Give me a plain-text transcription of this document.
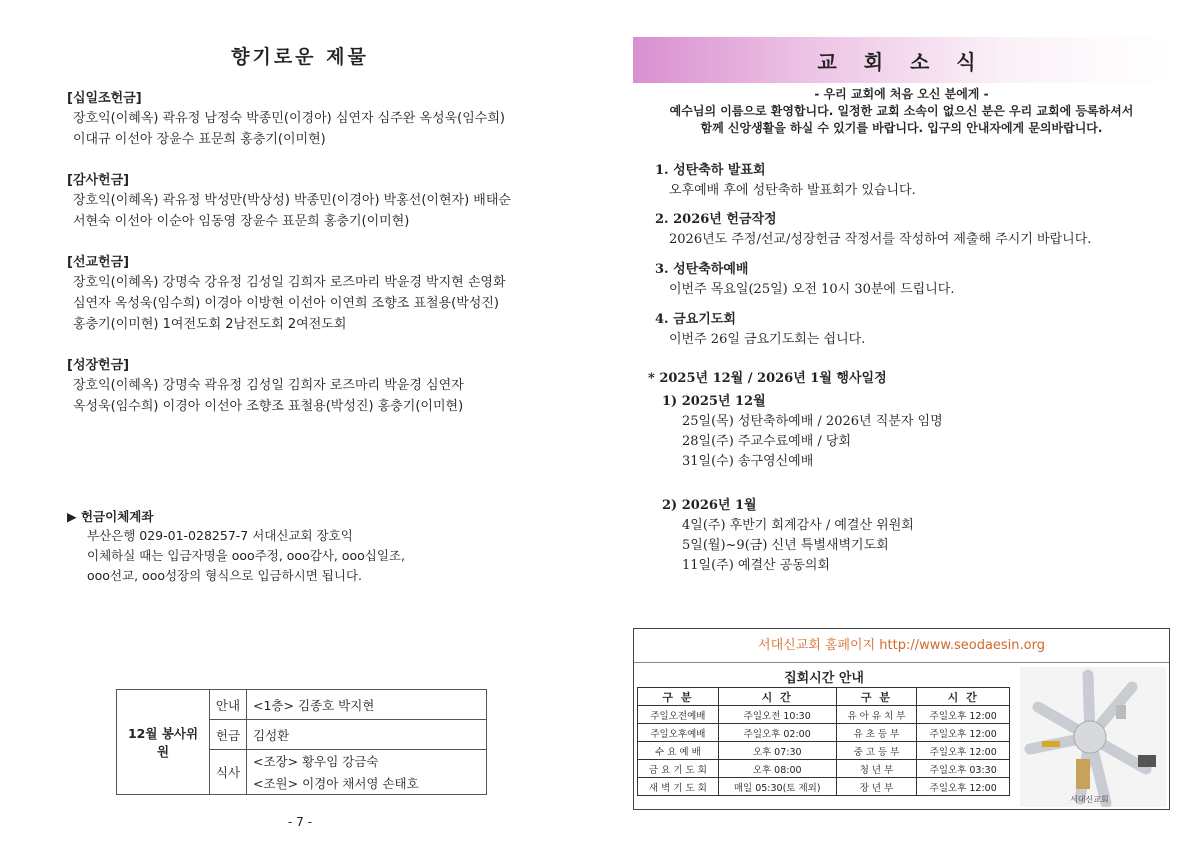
향기로운 제물
[십일조헌금]
장호익(이혜옥) 곽유정 남정숙 박종민(이경아) 심연자 심주완 옥성욱(임수희)
이대규 이선아 장윤수 표문희 홍충기(이미현)
[감사헌금]
장호익(이혜옥) 곽유정 박성만(박상성) 박종민(이경아) 박홍선(이현자) 배태순
서현숙 이선아 이순아 임동영 장윤수 표문희 홍충기(이미현)
[선교헌금]
장호익(이혜옥) 강명숙 강유정 김성일 김희자 로즈마리 박윤경 박지현 손영화
심연자 옥성욱(임수희) 이경아 이방현 이선아 이연희 조향조 표철용(박성진)
홍충기(이미현) 1여전도회 2남전도회 2여전도회
[성장헌금]
장호익(이혜옥) 강명숙 곽유정 김성일 김희자 로즈마리 박윤경 심연자
옥성욱(임수희) 이경아 이선아 조향조 표철용(박성진) 홍충기(이미현)
▶ 헌금이체계좌
부산은행 029-01-028257-7 서대신교회 장호익
이체하실 때는 입금자명을 ooo주정, ooo감사, ooo십일조,
ooo선교, ooo성장의 형식으로 입금하시면 됩니다.
12월 봉사위원	안내	<1층> 김종호 박지현
	헌금	김성환
	식사	<조장> 황우임 강금숙
		<조원> 이경아 채서영 손태호
- 7 -
교 회 소 식
- 우리 교회에 처음 오신 분에게 -
예수님의 이름으로 환영합니다. 일정한 교회 소속이 없으신 분은 우리 교회에 등록하셔서
함께 신앙생활을 하실 수 있기를 바랍니다. 입구의 안내자에게 문의바랍니다.
1. 성탄축하 발표회
오후예배 후에 성탄축하 발표회가 있습니다.
2. 2026년 헌금작정
2026년도 주정/선교/성장헌금 작정서를 작성하여 제출해 주시기 바랍니다.
3. 성탄축하예배
이번주 목요일(25일) 오전 10시 30분에 드립니다.
4. 금요기도회
이번주 26일 금요기도회는 쉽니다.
* 2025년 12월 / 2026년 1월 행사일정
1) 2025년 12월
25일(목) 성탄축하예배 / 2026년 직분자 임명
28일(주) 주교수료예배 / 당회
31일(수) 송구영신예배
2) 2026년 1월
4일(주) 후반기 회계감사 / 예결산 위원회
5일(월)~9(금) 신년 특별새벽기도회
11일(주) 예결산 공동의회
서대신교회 홈페이지 http://www.seodaesin.org
집회시간 안내
구 분	시 간	구 분	시 간
주일오전예배	주일오전 10:30	유 아 유 치 부	주일오후 12:00
주일오후예배	주일오후 02:00	유 초 등 부	주일오후 12:00
수 요 예 배	오후 07:30	중 고 등 부	주일오후 12:00
금 요 기 도 회	오후 08:00	청 년 부	주일오후 03:30
새 벽 기 도 회	매일 05:30(토 제외)	장 년 부	주일오후 12:00
서대신교회
